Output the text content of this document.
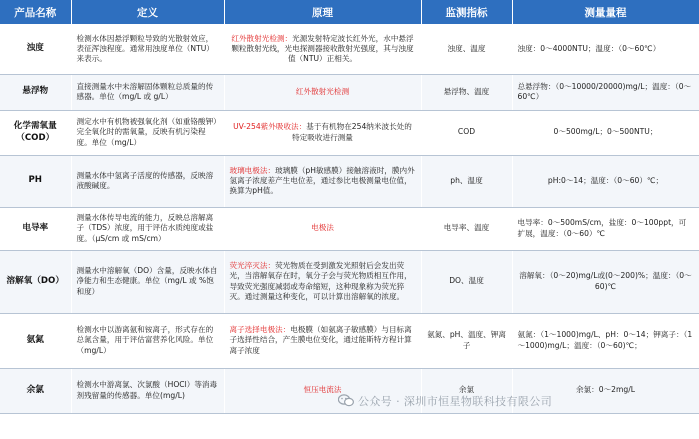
产品名称	定义	原理	监测指标	测量量程
浊度	检测水体因悬浮颗粒导致的光散射效应，表征浑浊程度。通常用浊度单位（NTU）来表示。	红外散射光检测：光源发射特定波长红外光，水中悬浮颗粒散射光线，光电探测器接收散射光强度，其与浊度值（NTU）正相关。	浊度、温度	浊度：0～4000NTU；温度：（0～60℃）
悬浮物	直接测量水中未溶解固体颗粒总质量的传感器。单位（mg/L 或 g/L）	红外散射光检测	悬浮物、温度	总悬浮物：（0～10000/20000)mg/L；温度：（0～60℃）
化学需氧量（COD）	测定水中有机物被强氧化剂（如重铬酸钾）完全氧化时的需氧量，反映有机污染程度。单位（mg/L）	UV-254紫外吸收法：基于有机物在254纳米波长处的特定吸收进行测量	COD	0～500mg/L；0～500NTU；
PH	测量水体中氢离子活度的传感器，反映溶液酸碱度。	玻璃电极法：玻璃膜（pH敏感膜）接触溶液时，膜内外氢离子浓度差产生电位差，通过参比电极测量电位值，换算为pH值。	ph、温度	pH:0～14；温度：（0～60）℃；
电导率	测量水体传导电流的能力，反映总溶解离子（TDS）浓度，用于评估水质纯度或盐度。（μS/cm 或 mS/cm）	电极法	电导率、温度	电导率：0～500mS/cm，盐度：0～100ppt，可扩展，温度：（0～60）℃
溶解氧（DO）	测量水中溶解氧（DO）含量，反映水体自净能力和生态健康。单位（mg/L 或 %饱和度）	荧光淬灭法：荧光物质在受到激发光照射后会发出荧光，当溶解氧存在时，氧分子会与荧光物质相互作用，导致荧光强度减弱或寿命缩短，这种现象称为荧光猝灭。通过测量这种变化，可以计算出溶解氧的浓度。	DO、温度	溶解氧：（0～20)mg/L或(0～200)%；温度：（0～60)℃
氨氮	检测水中以游离氨和铵离子，形式存在的总氮含量，用于评估富营养化风险。单位（mg/L）	离子选择电极法：电极膜（如氨离子敏感膜）与目标离子选择性结合，产生膜电位变化，通过能斯特方程计算离子浓度	氨氮、pH、温度、钾离子	氨氮：（1～1000)mg/L、pH：0～14；钾离子：（1～1000)mg/L；温度：（0～60)℃；
余氯	检测水中游离氯、次氯酸（HOCl）等消毒剂残留量的传感器。单位(mg/L)	恒压电流法	余氯	余氯：0～2mg/L
公众号 · 深圳市恒星物联科技有限公司
